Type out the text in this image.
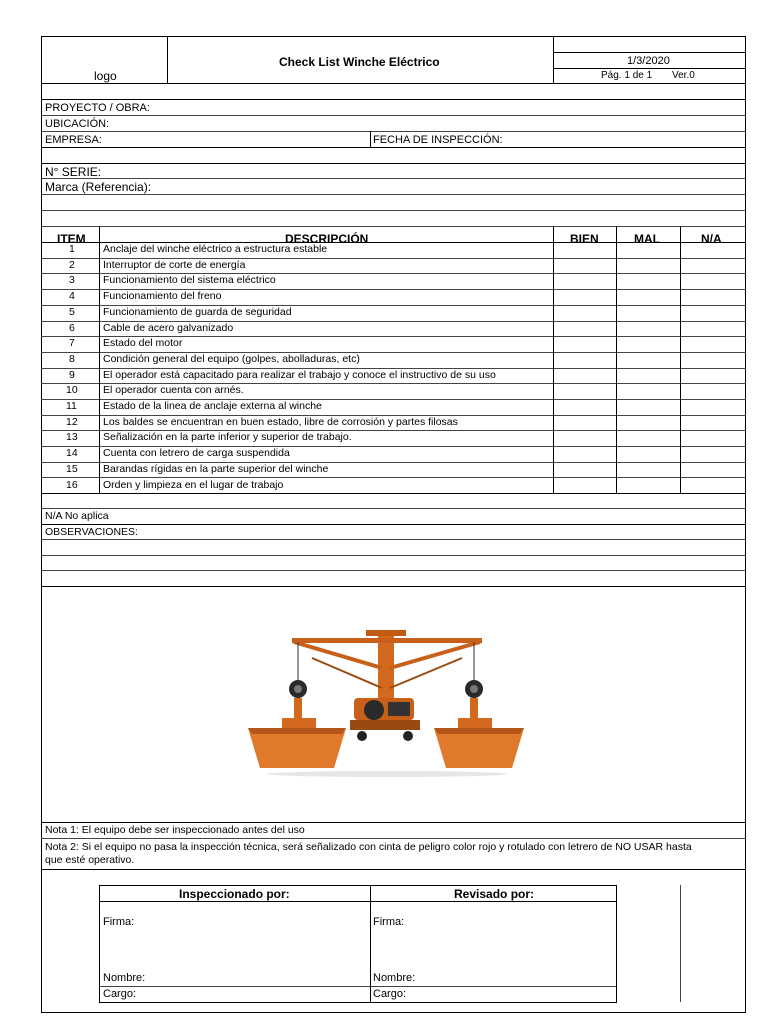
logo
Check List Winche Eléctrico	1/3/2020
Pág. 1 de 1 Ver.0
PROYECTO / OBRA:
UBICACIÓN:
EMPRESA:	FECHA DE INSPECCIÓN:
N° SERIE:
Marca (Referencia):
ITEM	DESCRIPCIÓN	BIEN	MAL	N/A
1	Anclaje del winche eléctrico a estructura estable
2	Interruptor de corte de energía
3	Funcionamiento del sistema eléctrico
4	Funcionamiento del freno
5	Funcionamiento de guarda de seguridad
6	Cable de acero galvanizado
7	Estado del motor
8	Condición general del equipo (golpes, abolladuras, etc)
9	El operador está capacitado para realizar el trabajo y conoce el instructivo de su uso
10 El operador cuenta con arnés.
11 Estado de la linea de anclaje externa al winche
12 Los baldes se encuentran en buen estado, libre de corrosión y partes filosas
13 Señalización en la parte inferior y superior de trabajo.
14 Cuenta con letrero de carga suspendida
15 Barandas rígidas en la parte superior del winche
16 Orden y limpieza en el lugar de trabajo
N/A No aplica
OBSERVACIONES:
Nota 1: El equipo debe ser inspeccionado antes del uso
Nota 2: Si el equipo no pasa la inspección técnica, será señalizado con cinta de peligro color rojo y rotulado con letrero de NO USAR hasta
que esté operativo.
Inspeccionado por:	Revisado por:
Firma:	Firma:
Nombre:	Nombre:
Cargo:	Cargo:
